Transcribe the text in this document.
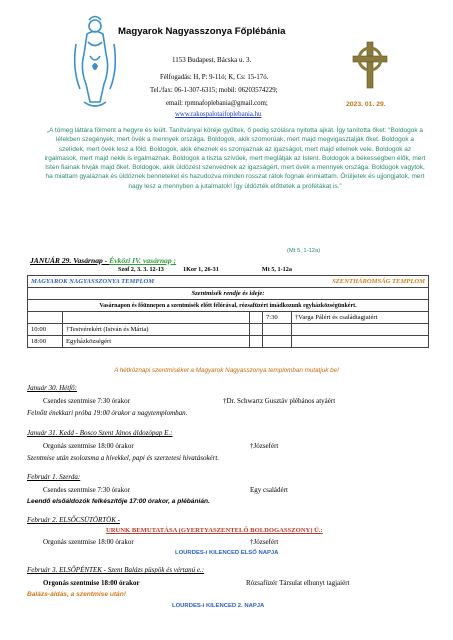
Magyarok Nagyasszonya Főplébánia
1153 Budapest, Bácska u. 3.
Félfogadás: H, P: 9-11ó; K, Cs: 15-17ó.
Tel./fax: 06-1-307-6315; mobil: 06203574229;
email: rpmnafoplebania@gmail.com;
www.rakospalotaifoplebania.hu
2023. 01. 29.
„A tömeg láttára fölment a hegyre és leült. Tanítványai köréje gyűltek, ő pedig szólásra nyitotta ajkát. Így tanította őket: “Boldogok a lélekben szegények, mert övék a mennyek országa. Boldogok, akik szomorúak, mert majd megvigasztalják őket. Boldogok a szelídek, mert övék lesz a föld. Boldogok, akik éheznek és szomjaznak az igazságot, mert majd eltelnek vele. Boldogok az irgalmasok, mert majd nekik is irgalmaznak. Boldogok a tiszta szívűek, mert meglátják az Istent. Boldogok a békességben élők, mert Isten fiainak hívják majd őket. Boldogok, akik üldözést szenvednek az igazságért, mert övék a mennyek országa. Boldogok vagytok, ha miattam gyaláznak és üldöznek benneteket és hazudozva minden rosszat rátok fognak énmiattam. Örüljetek és ujjongjatok, mert nagy lesz a mennyben a jutalmatok! Így üldözték előttetek a prófétákat is.”
(Mt 5, 1-12a)
JANUÁR 29. Vasárnap - Évközi IV. vasárnap ;
Szof 2, 3. 3. 12-13	1Kor 1, 26-31	Mt 5, 1-12a
MAGYAROK NAGYASSZONYA TEMPLOM			SZENTHÁROMSÁG TEMPLOM	
Szentmisék rendje és ideje:				
Vasárnapon és főünnepen a szentmisék előtt félórával, rózsafüzért imádkozunk egyházközségünkért.				
			7:30	†Varga Pálért és családtagjaiért
10:00	†Testvérekért (István és Mária)			
18:00	Egyházközségért			
A hétköznapi szentmiséket a Magyarok Nagyasszonya templomban mutatjuk be!
Január 30. Hétfő:
Csendes szentmise 7:30 órakor	†Dr. Schwartz Gusztáv plébános atyáért
Felnőtt énekkari próba 19:00 órakor a nagytemplomban.
Január 31. Kedd - Bosco Szent János áldozópap E.:
Orgonás szentmise 18:00 órakor	†Józsefért
Szentmise után zsolozsma a hívekkel, papi és szerzetesi hivatásokért.
Február 1. Szerda:
Csendes szentmise 7:30 órakor	Egy családért
Leendő elsőáldozók felkészítője 17:00 órakor, a plébánián.
Február 2. ELSŐCSÜTÖRTÖK -
URUNK BEMUTATÁSA (GYERTYASZENTELŐ BOLDOGASSZONY) Ü.:
Orgonás szentmise 18:00 órakor	†Józsefért
LOURDES-i KILENCED ELSŐ NAPJA
Február 3. ELSŐPÉNTEK - Szent Balázs püspök és vértanú e.:
Orgonás szentmise 18:00 órakor	Rózsafüzér Társulat elhunyt tagjaiért
Balázs-áldás, a szentmise után!
LOURDES-i KILENCED 2. NAPJA
